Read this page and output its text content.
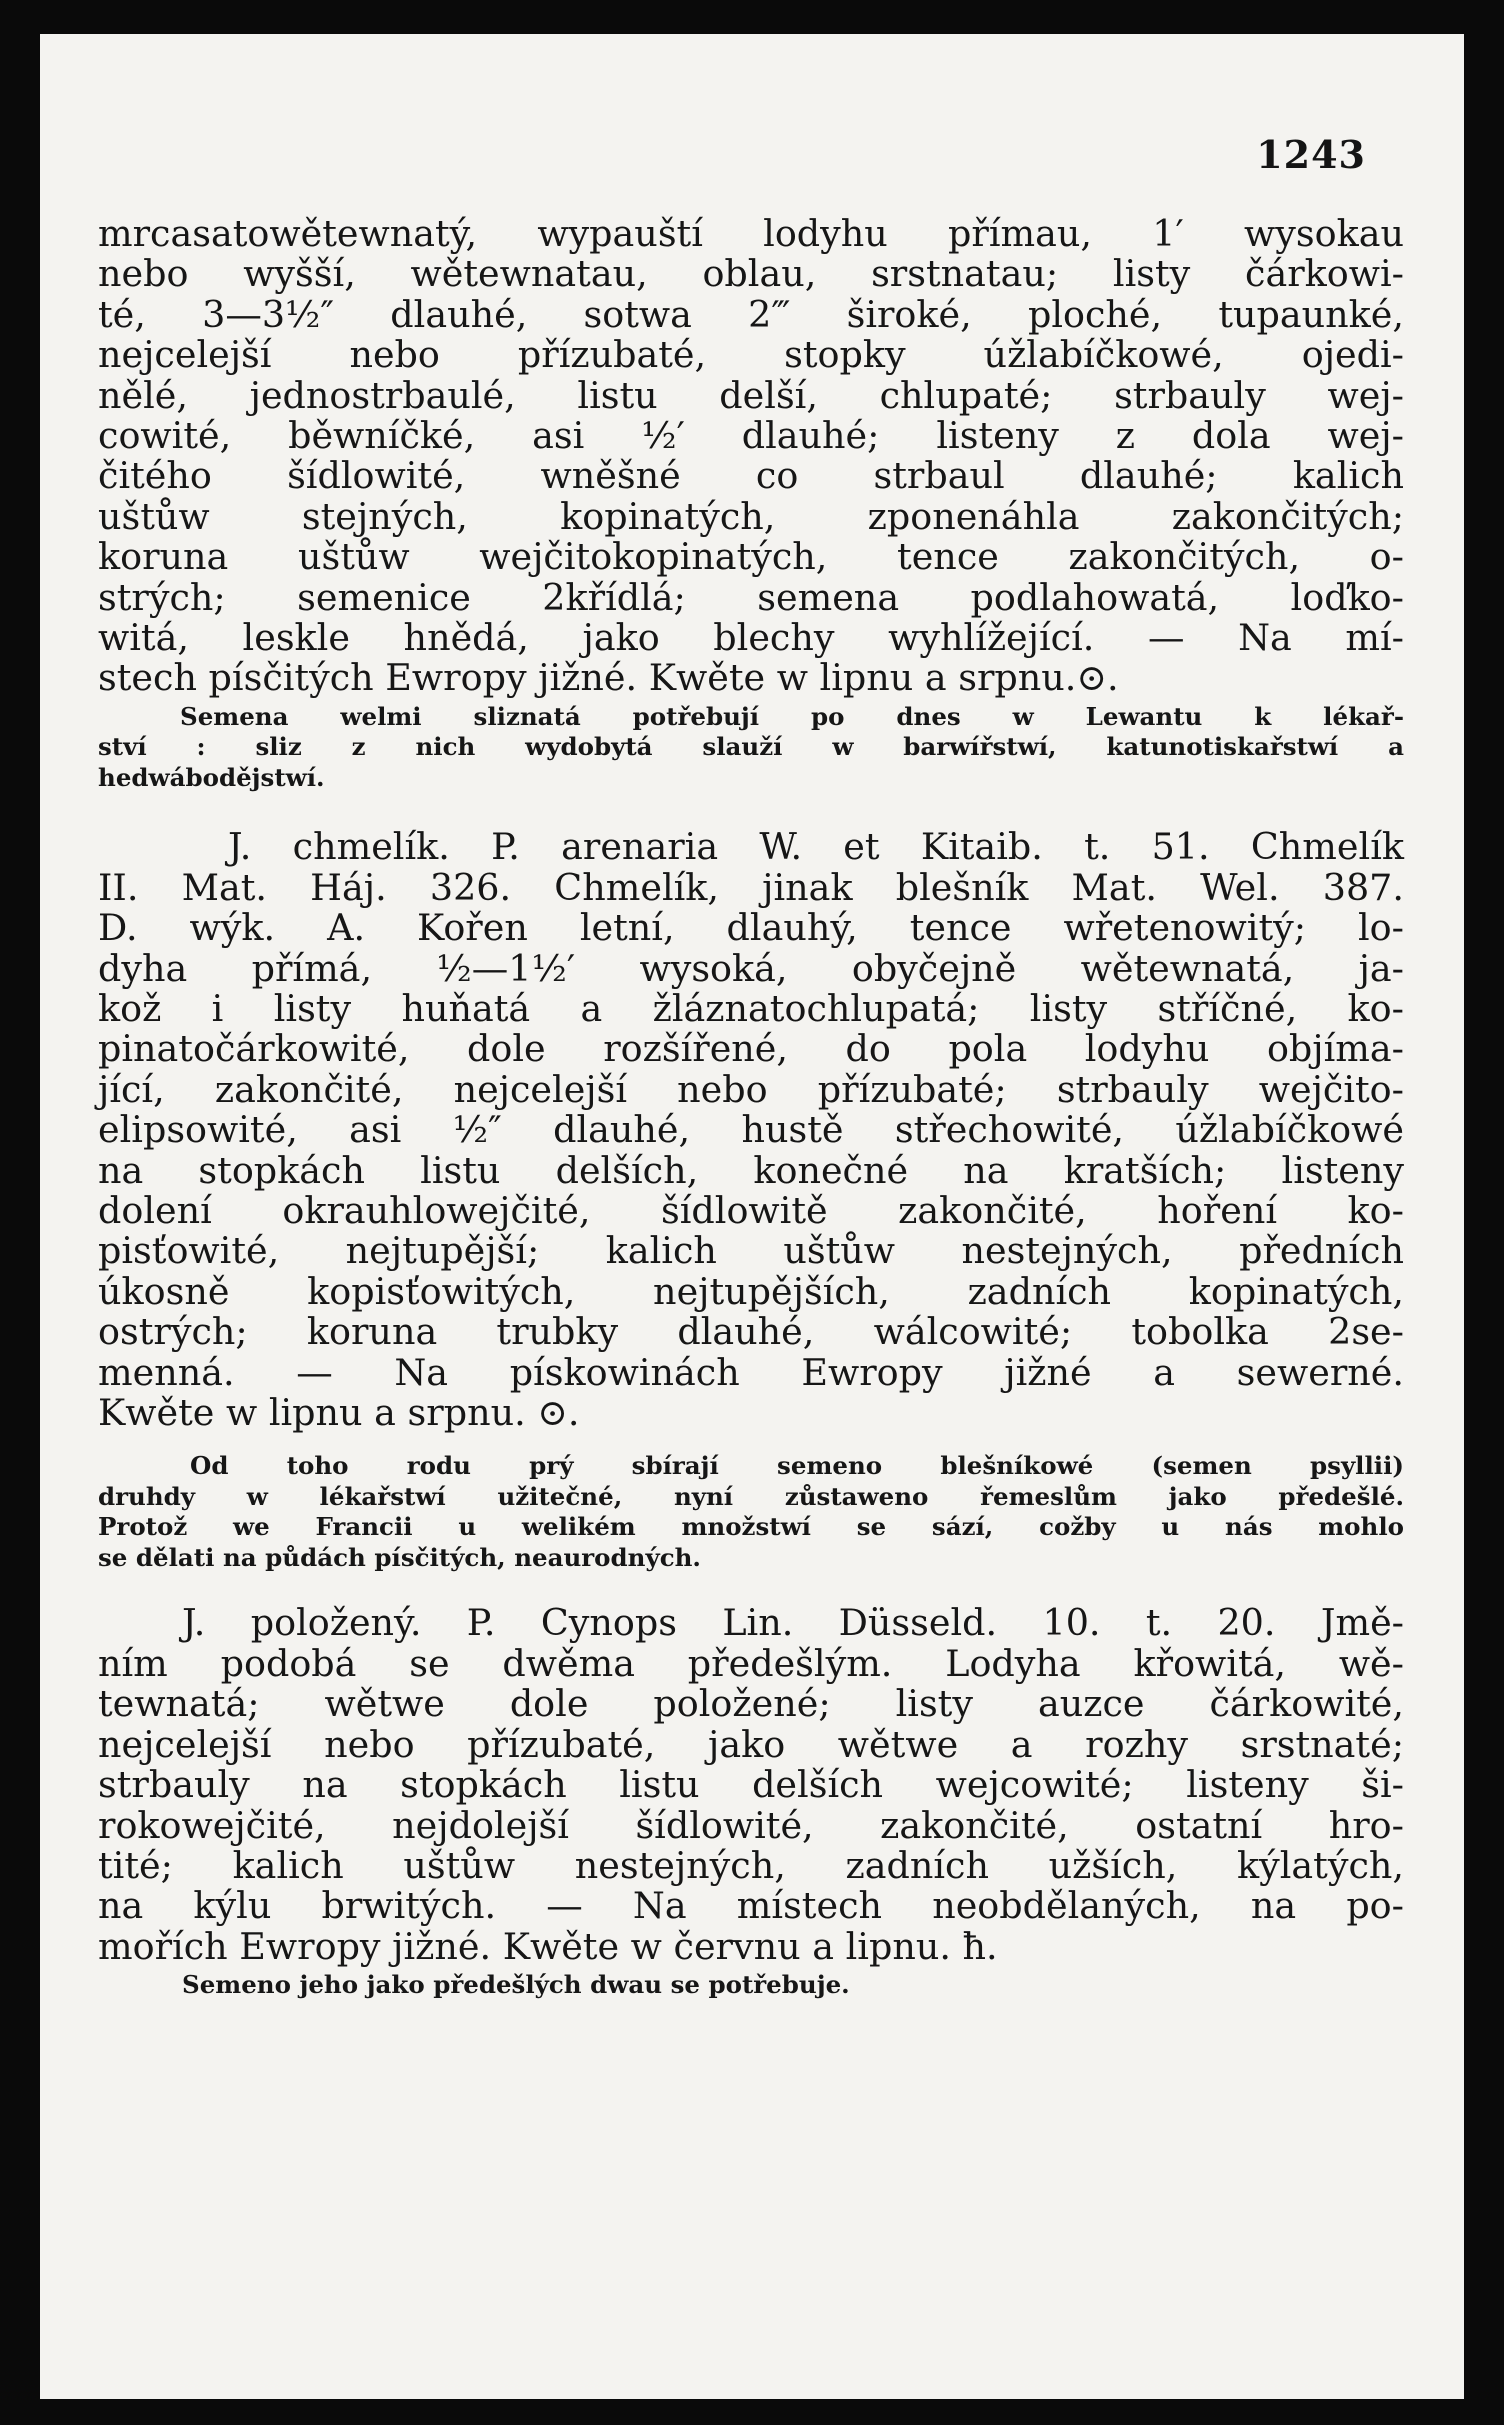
1243
mrcasatowětewnatý, wypauští lodyhu přímau, 1′ wysokau
nebo wyšší, wětewnatau, oblau, srstnatau; listy čárkowi-
té, 3—3½″ dlauhé, sotwa 2‴ široké, ploché, tupaunké,
nejcelejší nebo přízubaté, stopky úžlabíčkowé, ojedi-
nělé, jednostrbaulé, listu delší, chlupaté; strbauly wej-
cowité, běwníčké, asi ½′ dlauhé; listeny z dola wej-
čitého šídlowité, wněšné co strbaul dlauhé; kalich
uštůw stejných, kopinatých, zponenáhla zakončitých;
koruna uštůw wejčitokopinatých, tence zakončitých, o-
strých; semenice 2křídlá; semena podlahowatá, loďko-
witá, leskle hnědá, jako blechy wyhlížející. — Na mí-
stech písčitých Ewropy jižné. Kwěte w lipnu a srpnu.⊙.
Semena welmi sliznatá potřebují po dnes w Lewantu k lékař-
ství : sliz z nich wydobytá slauží w barwířstwí, katunotiskařstwí a
hedwábodějstwí.
J. chmelík. P. arenaria W. et Kitaib. t. 51. Chmelík
II. Mat. Háj. 326. Chmelík, jinak blešník Mat. Wel. 387.
D. wýk. A. Kořen letní, dlauhý, tence wřetenowitý; lo-
dyha přímá, ½—1½′ wysoká, obyčejně wětewnatá, ja-
kož i listy huňatá a žláznatochlupatá; listy stříčné, ko-
pinatočárkowité, dole rozšířené, do pola lodyhu objíma-
jící, zakončité, nejcelejší nebo přízubaté; strbauly wejčito-
elipsowité, asi ½″ dlauhé, hustě střechowité, úžlabíčkowé
na stopkách listu delších, konečné na kratších; listeny
dolení okrauhlowejčité, šídlowitě zakončité, hoření ko-
pisťowité, nejtupější; kalich uštůw nestejných, předních
úkosně kopisťowitých, nejtupějších, zadních kopinatých,
ostrých; koruna trubky dlauhé, wálcowité; tobolka 2se-
menná. — Na pískowinách Ewropy jižné a sewerné.
Kwěte w lipnu a srpnu. ⊙.
Od toho rodu prý sbírají semeno blešníkowé (semen psyllii)
druhdy w lékařstwí užitečné, nyní zůstaweno řemeslům jako předešlé.
Protož we Francii u welikém množstwí se sází, cožby u nás mohlo
se dělati na půdách písčitých, neaurodných.
J. položený. P. Cynops Lin. Düsseld. 10. t. 20. Jmě-
ním podobá se dwěma předešlým. Lodyha křowitá, wě-
tewnatá; wětwe dole položené; listy auzce čárkowité,
nejcelejší nebo přízubaté, jako wětwe a rozhy srstnaté;
strbauly na stopkách listu delších wejcowité; listeny ši-
rokowejčité, nejdolejší šídlowité, zakončité, ostatní hro-
tité; kalich uštůw nestejných, zadních užších, kýlatých,
na kýlu brwitých. — Na místech neobdělaných, na po-
mořích Ewropy jižné. Kwěte w červnu a lipnu. ħ.
Semeno jeho jako předešlých dwau se potřebuje.
